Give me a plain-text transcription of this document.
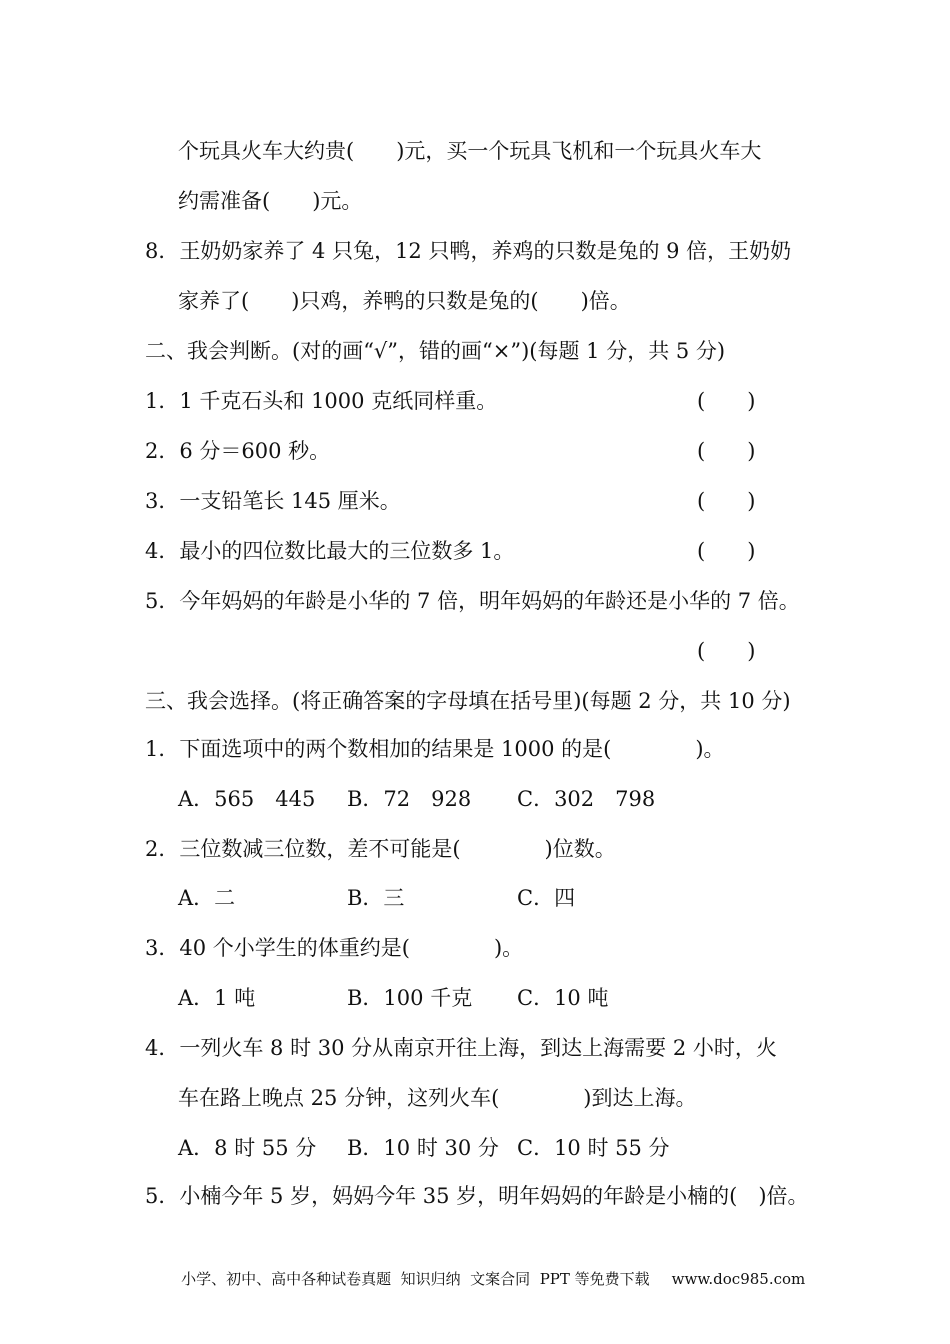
个玩具火车大约贵(　　)元，买一个玩具飞机和一个玩具火车大
约需准备(　　)元。
8．王奶奶家养了 4 只兔，12 只鸭，养鸡的只数是兔的 9 倍，王奶奶
家养了(　　)只鸡，养鸭的只数是兔的(　　)倍。
二、我会判断。(对的画“√”，错的画“×”)(每题 1 分，共 5 分)
1．1 千克石头和 1000 克纸同样重。	(　　)
2．6 分＝600 秒。	(　　)
3．一支铅笔长 145 厘米。	(　　)
4．最小的四位数比最大的三位数多 1。	(　　)
5．今年妈妈的年龄是小华的 7 倍，明年妈妈的年龄还是小华的 7 倍。
(　　)
三、我会选择。(将正确答案的字母填在括号里)(每题 2 分，共 10 分)
1．下面选项中的两个数相加的结果是 1000 的是(　　　　)。
A．565　445 B．72　928 C．302　798
2．三位数减三位数，差不可能是(　　　　)位数。
A．二	B．三	C．四
3．40 个小学生的体重约是(　　　　)。
A．1 吨	B．100 千克 C．10 吨
4．一列火车 8 时 30 分从南京开往上海，到达上海需要 2 小时，火
车在路上晚点 25 分钟，这列火车(　　　　)到达上海。
A．8 时 55 分 B．10 时 30 分 C．10 时 55 分
5．小楠今年 5 岁，妈妈今年 35 岁，明年妈妈的年龄是小楠的(　)倍。

小学、初中、高中各种试卷真题  知识归纳  文案合同  PPT 等免费下载 www.doc985.com
